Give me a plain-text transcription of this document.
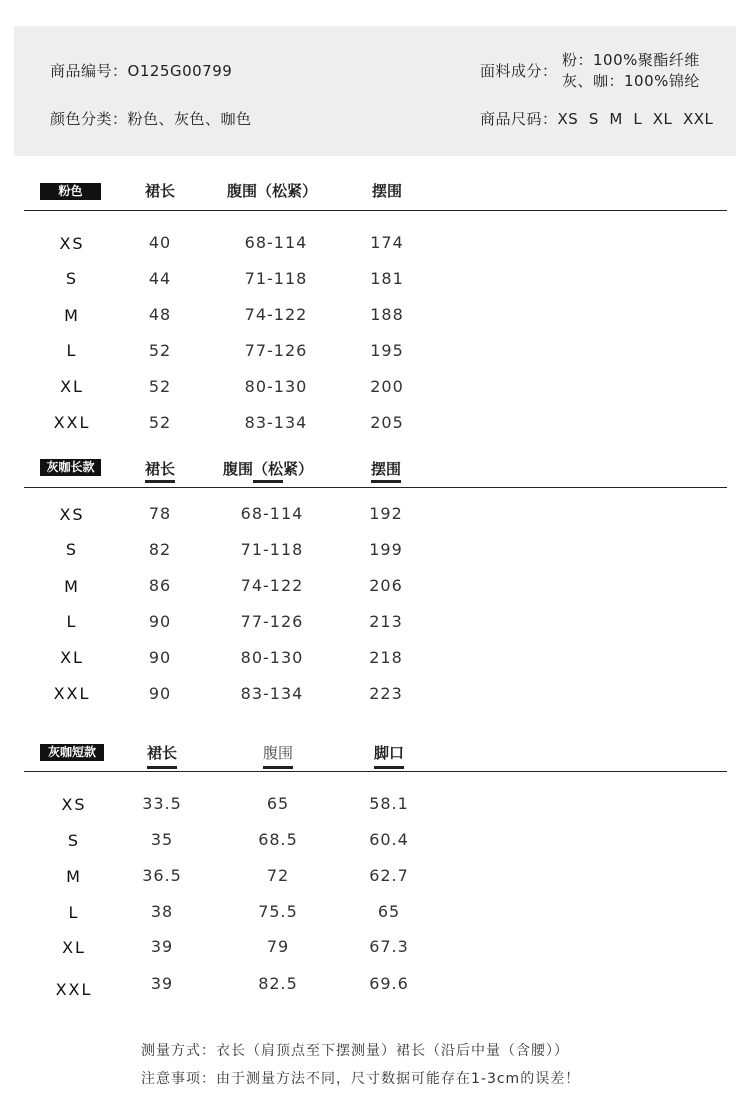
商品编号：O125G00799
颜色分类：粉色、灰色、咖色
面料成分：
粉：100%聚酯纤维
灰、咖：100%锦纶
商品尺码：XS  S  M  L  XL  XXL
粉色	裙长	腹围（松紧）	摆围
XS	40	68-114	174
S	44	71-118	181
M	48	74-122	188
L	52	77-126	195
XL	52	80-130	200
XXL	52	83-134	205
灰咖长款	裙长	腹围（松紧）	摆围
XS	78	68-114	192
S	82	71-118	199
M	86	74-122	206
L	90	77-126	213
XL	90	80-130	218
XXL	90	83-134	223
灰咖短款	裙长	腹围	脚口
XS	33.5	65	58.1
S	35	68.5	60.4
M	36.5	72	62.7
L	38	75.5	65
XL	39	79	67.3
XXL	39	82.5	69.6
测量方式：衣长（肩顶点至下摆测量）裙长（沿后中量（含腰））
注意事项：由于测量方法不同，尺寸数据可能存在1-3cm的误差！
